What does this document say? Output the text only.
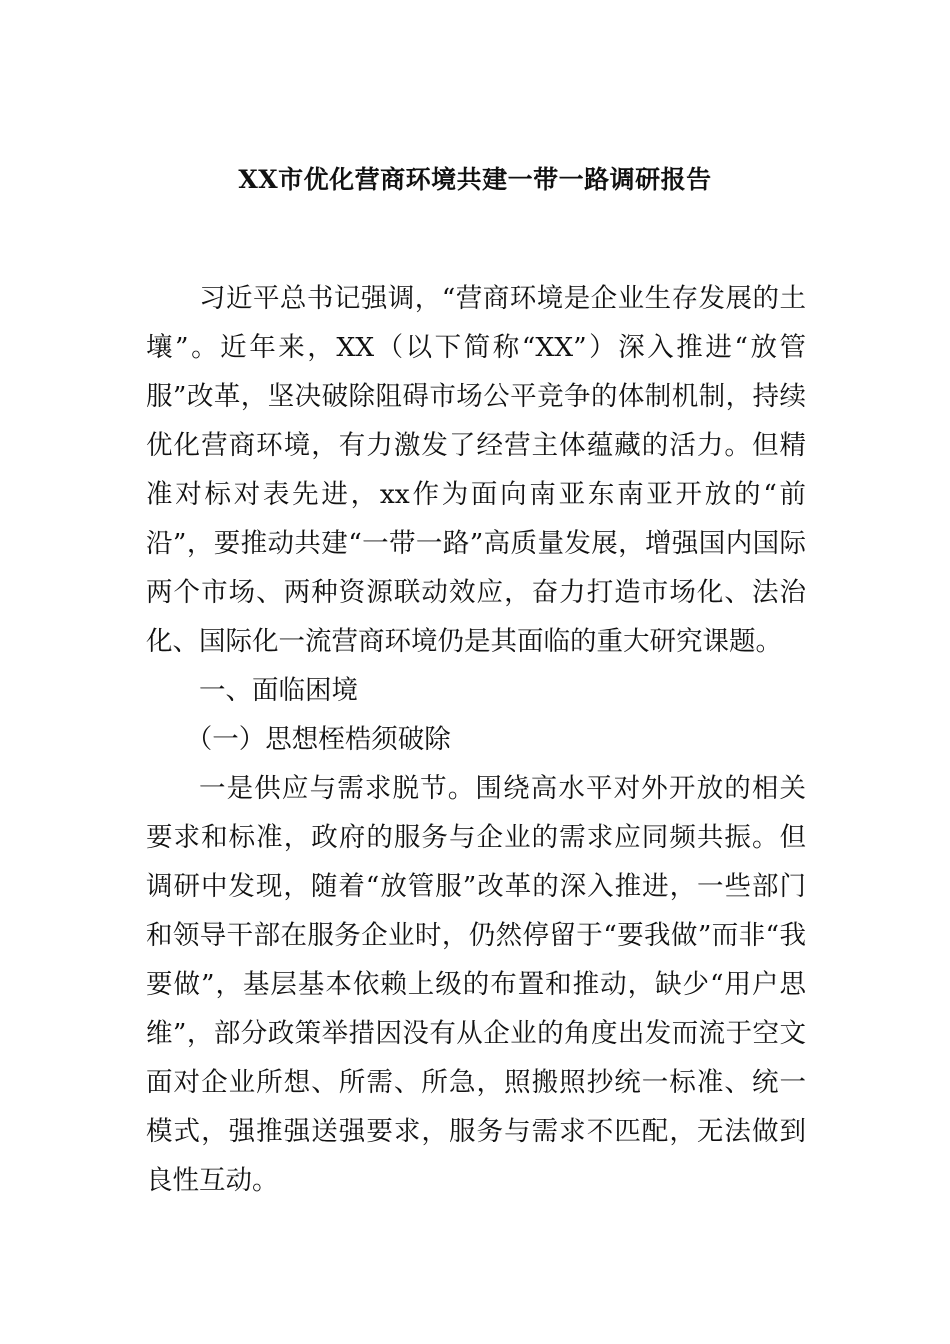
XX市优化营商环境共建一带一路调研报告

习近平总书记强调，“营商环境是企业生存发展的土壤”。近年来，XX（以下简称“XX”）深入推进“放管服”改革，坚决破除阻碍市场公平竞争的体制机制，持续优化营商环境，有力激发了经营主体蕴藏的活力。但精准对标对表先进，xx作为面向南亚东南亚开放的“前沿”，要推动共建“一带一路”高质量发展，增强国内国际两个市场、两种资源联动效应，奋力打造市场化、法治化、国际化一流营商环境仍是其面临的重大研究课题。

一、面临困境

（一）思想桎梏须破除

一是供应与需求脱节。围绕高水平对外开放的相关要求和标准，政府的服务与企业的需求应同频共振。但调研中发现，随着“放管服”改革的深入推进，一些部门和领导干部在服务企业时，仍然停留于“要我做”而非“我要做”，基层基本依赖上级的布置和推动，缺少“用户思维”，部分政策举措因没有从企业的角度出发而流于空文面对企业所想、所需、所急，照搬照抄统一标准、统一模式，强推强送强要求，服务与需求不匹配，无法做到良性互动。
